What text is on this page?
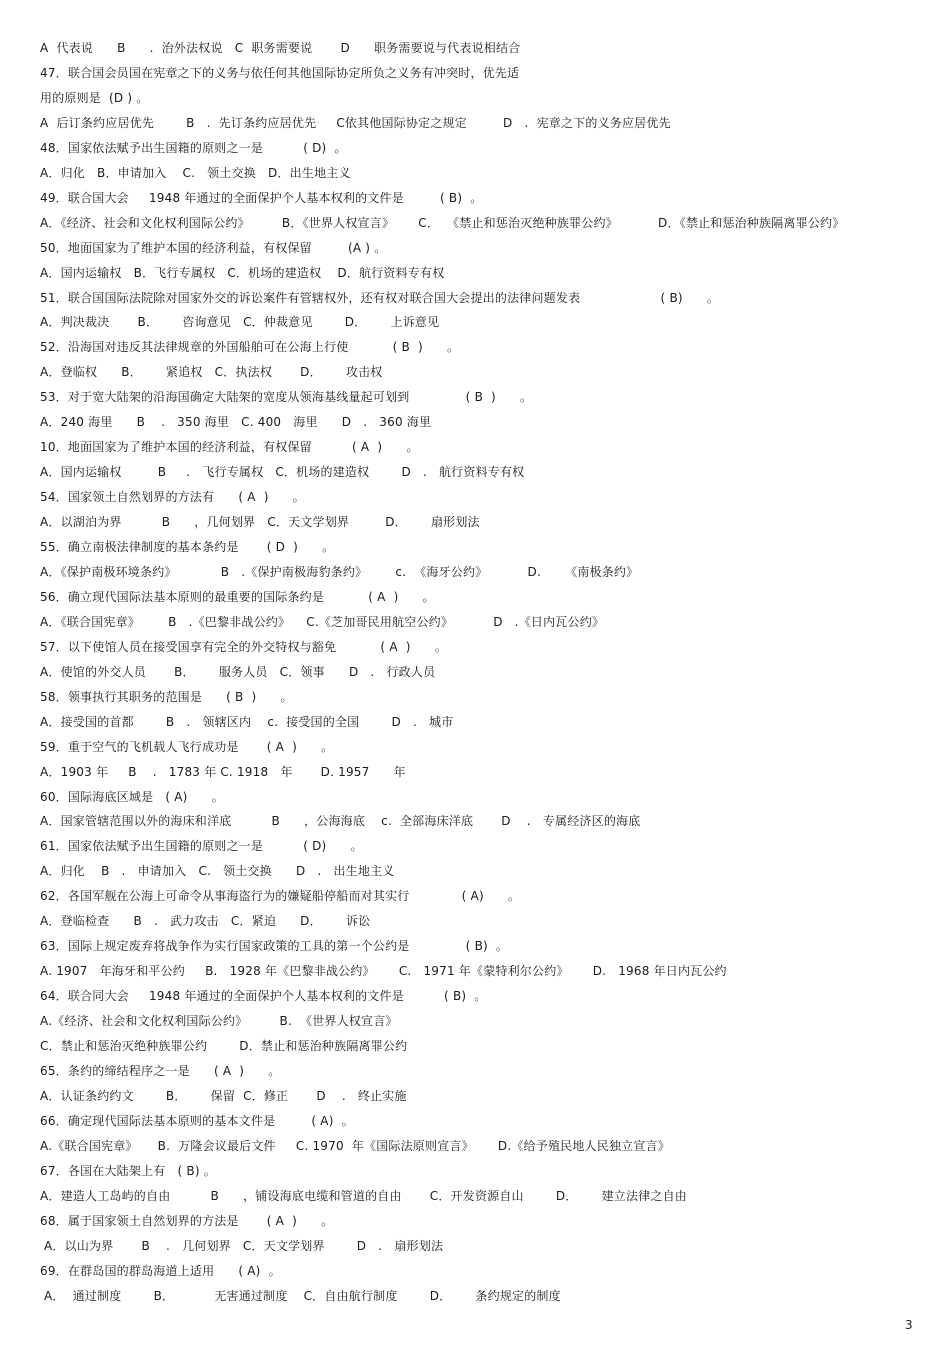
A  代表说      B      .  治外法权说   C  职务需要说       D      职务需要说与代表说相结合
47．联合国会员国在宪章之下的义务与依任何其他国际协定所负之义务有冲突时，优先适
用的原则是  (D ) 。
A  后订条约应居优先        B   .  先订条约应居优先     C依其他国际协定之规定         D   .  宪章之下的义务应居优先
48．国家依法赋予出生国籍的原则之一是          ( D)  。
A．归化   B．申请加入    C.   领土交换   D．出生地主义
49．联合国大会     1948 年通过的全面保护个人基本权利的文件是         ( B)  。
A．《经济、社会和文化权利国际公约》        B．《世界人权宣言》      C．  《禁止和惩治灭绝种族罪公约》          D．《禁止和惩治种族隔离罪公约》
50．地面国家为了维护本国的经济利益，有权保留         (A ) 。
A．国内运输权   B．飞行专属权   C．机场的建造权    D．航行资料专有权
51．联合国国际法院除对国家外交的诉讼案件有管辖权外，还有权对联合国大会提出的法律问题发表                    ( B)      。
A．判决裁决       B．      咨询意见   C．仲裁意见        D．      上诉意见
52．沿海国对违反其法律规章的外国船舶可在公海上行使           ( B  )      。
A．登临权      B．      紧追权   C．执法权       D．      攻击权
53．对于宽大陆架的沿海国确定大陆架的宽度从领海基线量起可划到              ( B  )      。
A．240 海里      B    .   350 海里   C. 400   海里      D   .   360 海里
10．地面国家为了维护本国的经济利益，有权保留          ( A  )      。
A．国内运输权         B     .   飞行专属权   C．机场的建造权        D   .   航行资料专有权
54．国家领土自然划界的方法有      ( A  )      。
A．以湖泊为界          B      ，几何划界   C．天文学划界         D．      扇形划法
55．确立南极法律制度的基本条约是       ( D  )      。
A．《保护南极环境条约》           B   .《保护南极海豹条约》       c.  《海牙公约》          D.      《南极条约》
56．确立现代国际法基本原则的最重要的国际条约是           ( A  )      。
A．《联合国宪章》       B   .《巴黎非战公约》    C.《芝加哥民用航空公约》          D   .《日内瓦公约》
57．以下使馆人员在接受国享有完全的外交特权与豁免           ( A  )      。
A．使馆的外交人员       B．      服务人员   C．领事      D   .   行政人员
58．领事执行其职务的范围是      ( B  )      。
A．接受国的首都        B   .   领辖区内    c.  接受国的全国        D   .   城市
59．重于空气的飞机载人飞行成功是       ( A  )      。
A．1903 年     B    .   1783 年 C. 1918   年       D. 1957      年
60．国际海底区域是   ( A)      。
A．国家管辖范围以外的海床和洋底          B      ，公海海底    c.  全部海床洋底       D    .   专属经济区的海底
61．国家依法赋予出生国籍的原则之一是          ( D)      。
A．归化    B   .   申请加入   C.   领土交换      D   .   出生地主义
62．各国军舰在公海上可命令从事海盗行为的嫌疑船停船而对其实行             ( A)      。
A．登临检查      B   .   武力攻击   C．紧迫      D．      诉讼
63．国际上规定废弃将战争作为实行国家政策的工具的第一个公约是              ( B)  。
A. 1907   年海牙和平公约     B.   1928 年《巴黎非战公约》      C.   1971 年《蒙特利尔公约》      D.   1968 年日内瓦公约
64．联合同大会     1948 年通过的全面保护个人基本权利的文件是          ( B)  。
A.《经济、社会和文化权利国际公约》        B.  《世界人权宣言》
C．禁止和惩治灭绝种族罪公约        D．禁止和惩治种族隔离罪公约
65．条约的缔结程序之一是      ( A  )      。
A．认证条约约文        B．      保留  C．修正       D    .   终止实施
66．确定现代国际法基本原则的基本文件是         ( A)  。
A.《联合国宪章》     B.  万隆会议最后文件     C. 1970  年《国际法原则宣言》      D.《给予殖民地人民独立宣言》
67．各国在大陆架上有   ( B) 。
A．建造人工岛屿的自由          B      ，铺设海底电缆和管道的自由       C．开发资源自山        D．      建立法律之自由
68．属于国家领土自然划界的方法是       ( A  )      。
A．以山为界       B    .   几何划界   C．天文学划界        D   .   扇形划法
69．在群岛国的群岛海道上适用      ( A)  。
A．  通过制度        B．          无害通过制度    C．自由航行制度        D．      条约规定的制度
3
